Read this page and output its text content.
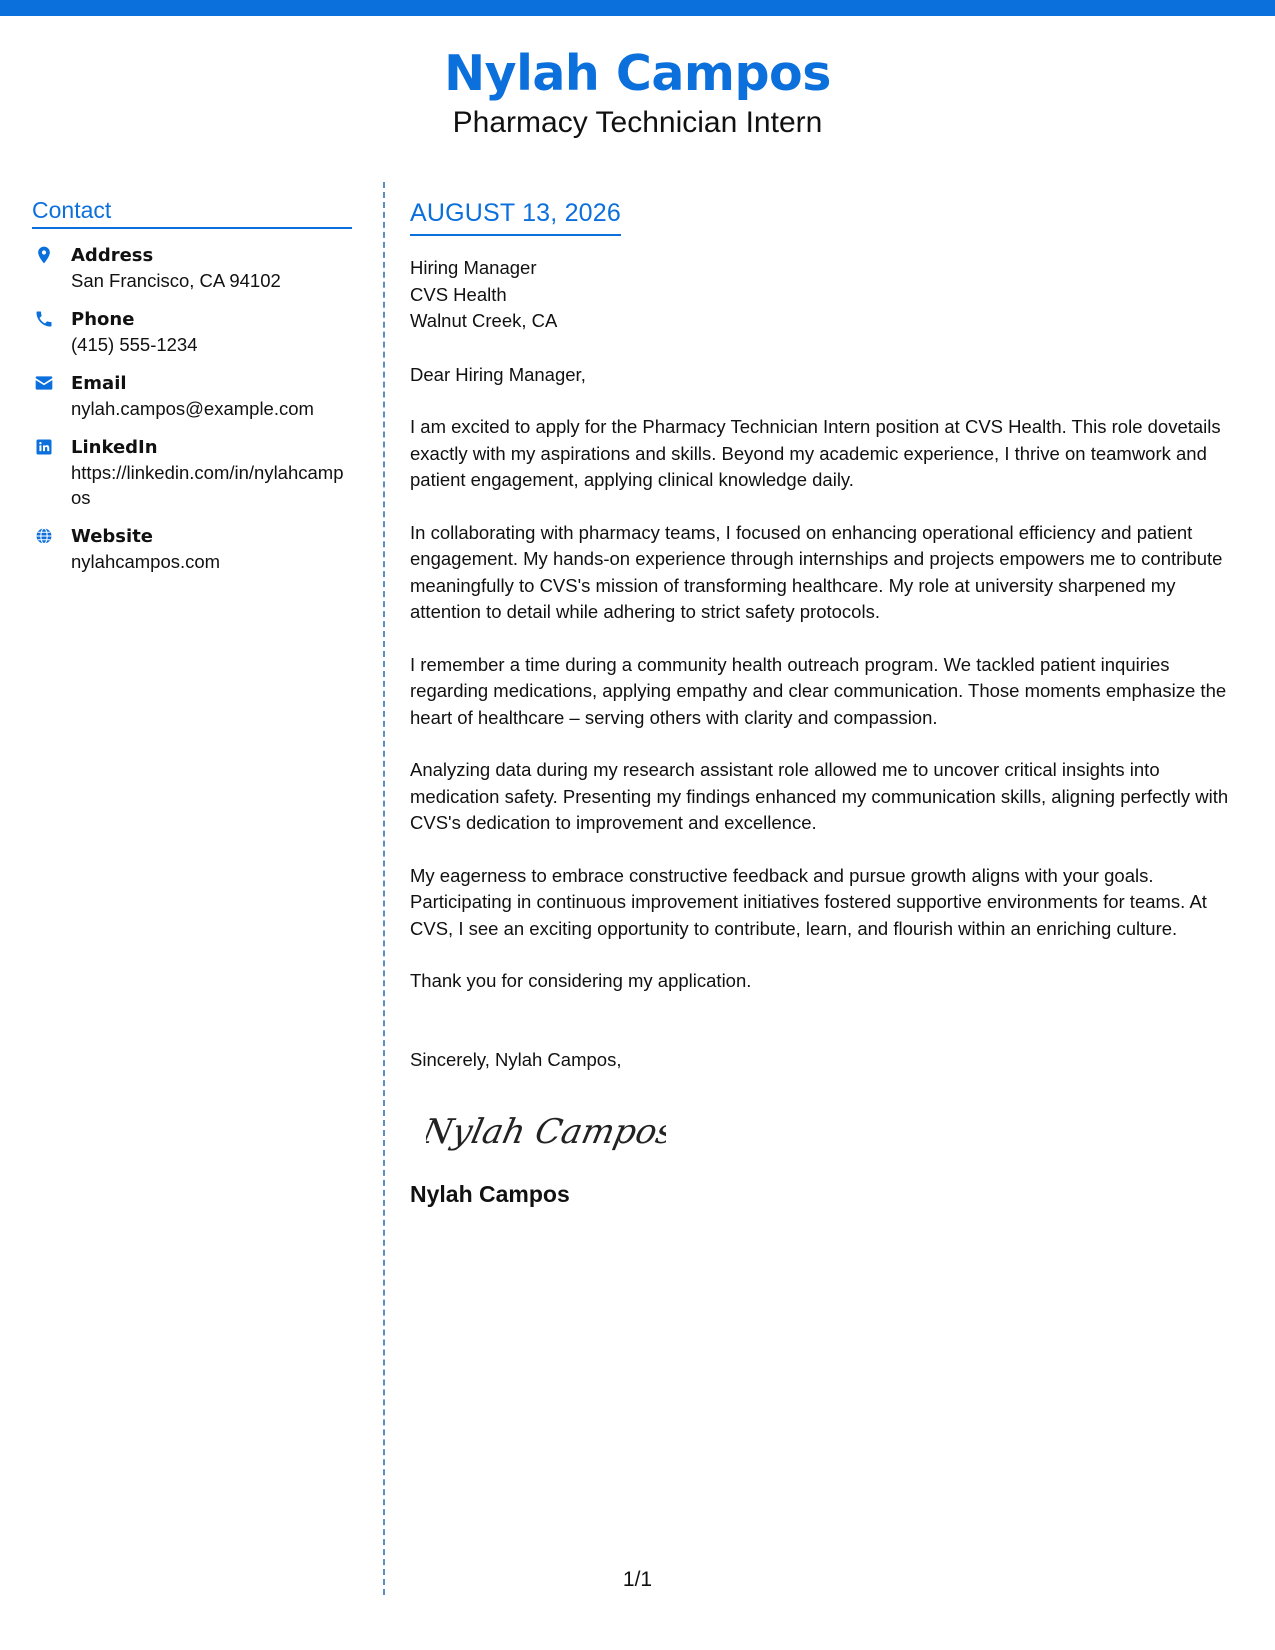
Nylah Campos
Pharmacy Technician Intern
Contact
Address
San Francisco, CA 94102
Phone
(415) 555-1234
Email
nylah.campos@example.com
LinkedIn
https://linkedin.com/in/nylahcampos
Website
nylahcampos.com
AUGUST 13, 2026
Hiring Manager
CVS Health
Walnut Creek, CA
Dear Hiring Manager,

I am excited to apply for the Pharmacy Technician Intern position at CVS Health. This role dovetails exactly with my aspirations and skills. Beyond my academic experience, I thrive on teamwork and patient engagement, applying clinical knowledge daily.

In collaborating with pharmacy teams, I focused on enhancing operational efficiency and patient engagement. My hands-on experience through internships and projects empowers me to contribute meaningfully to CVS's mission of transforming healthcare. My role at university sharpened my attention to detail while adhering to strict safety protocols.

I remember a time during a community health outreach program. We tackled patient inquiries regarding medications, applying empathy and clear communication. Those moments emphasize the heart of healthcare – serving others with clarity and compassion.

Analyzing data during my research assistant role allowed me to uncover critical insights into medication safety. Presenting my findings enhanced my communication skills, aligning perfectly with CVS's dedication to improvement and excellence.

My eagerness to embrace constructive feedback and pursue growth aligns with your goals. Participating in continuous improvement initiatives fostered supportive environments for teams. At CVS, I see an exciting opportunity to contribute, learn, and flourish within an enriching culture.

Thank you for considering my application.

Sincerely, Nylah Campos,
Nylah Campos
Nylah Campos
1/1
